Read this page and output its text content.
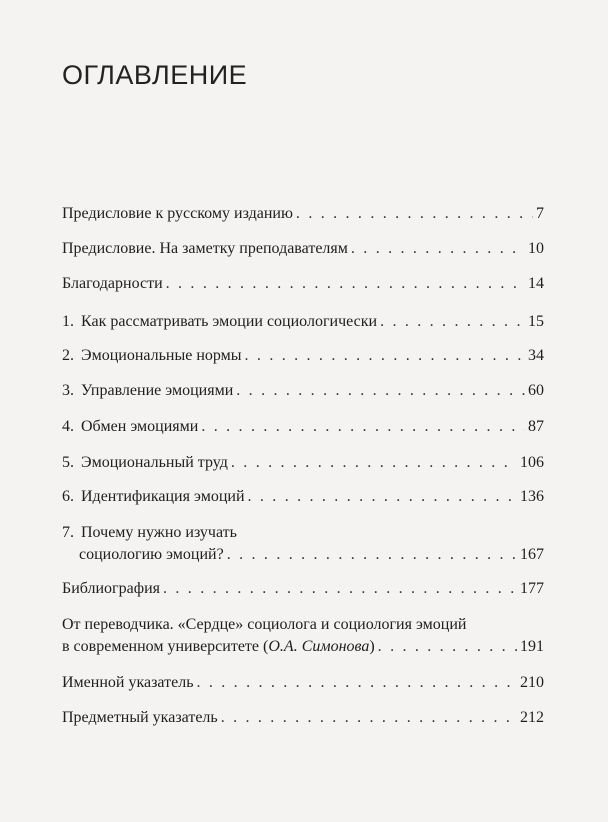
ОГЛАВЛЕНИЕ
Предисловие к русскому изданию . . .	7
Предисловие. На заметку преподавателям . . .	10
Благодарности . . .	14
1. Как рассматривать эмоции социологически . . .	15
2. Эмоциональные нормы . . .	34
3. Управление эмоциями . . .	60
4. Обмен эмоциями . . .	87
5. Эмоциональный труд . . .	106
6. Идентификация эмоций . . .	136
7. Почему нужно изучать
социологию эмоций? . . .	167
Библиография . . .	177
От переводчика. «Сердце» социолога и социология эмоций
в современном университете (О.А. Симонова) . . .	191
Именной указатель . . .	210
Предметный указатель . . .	212
